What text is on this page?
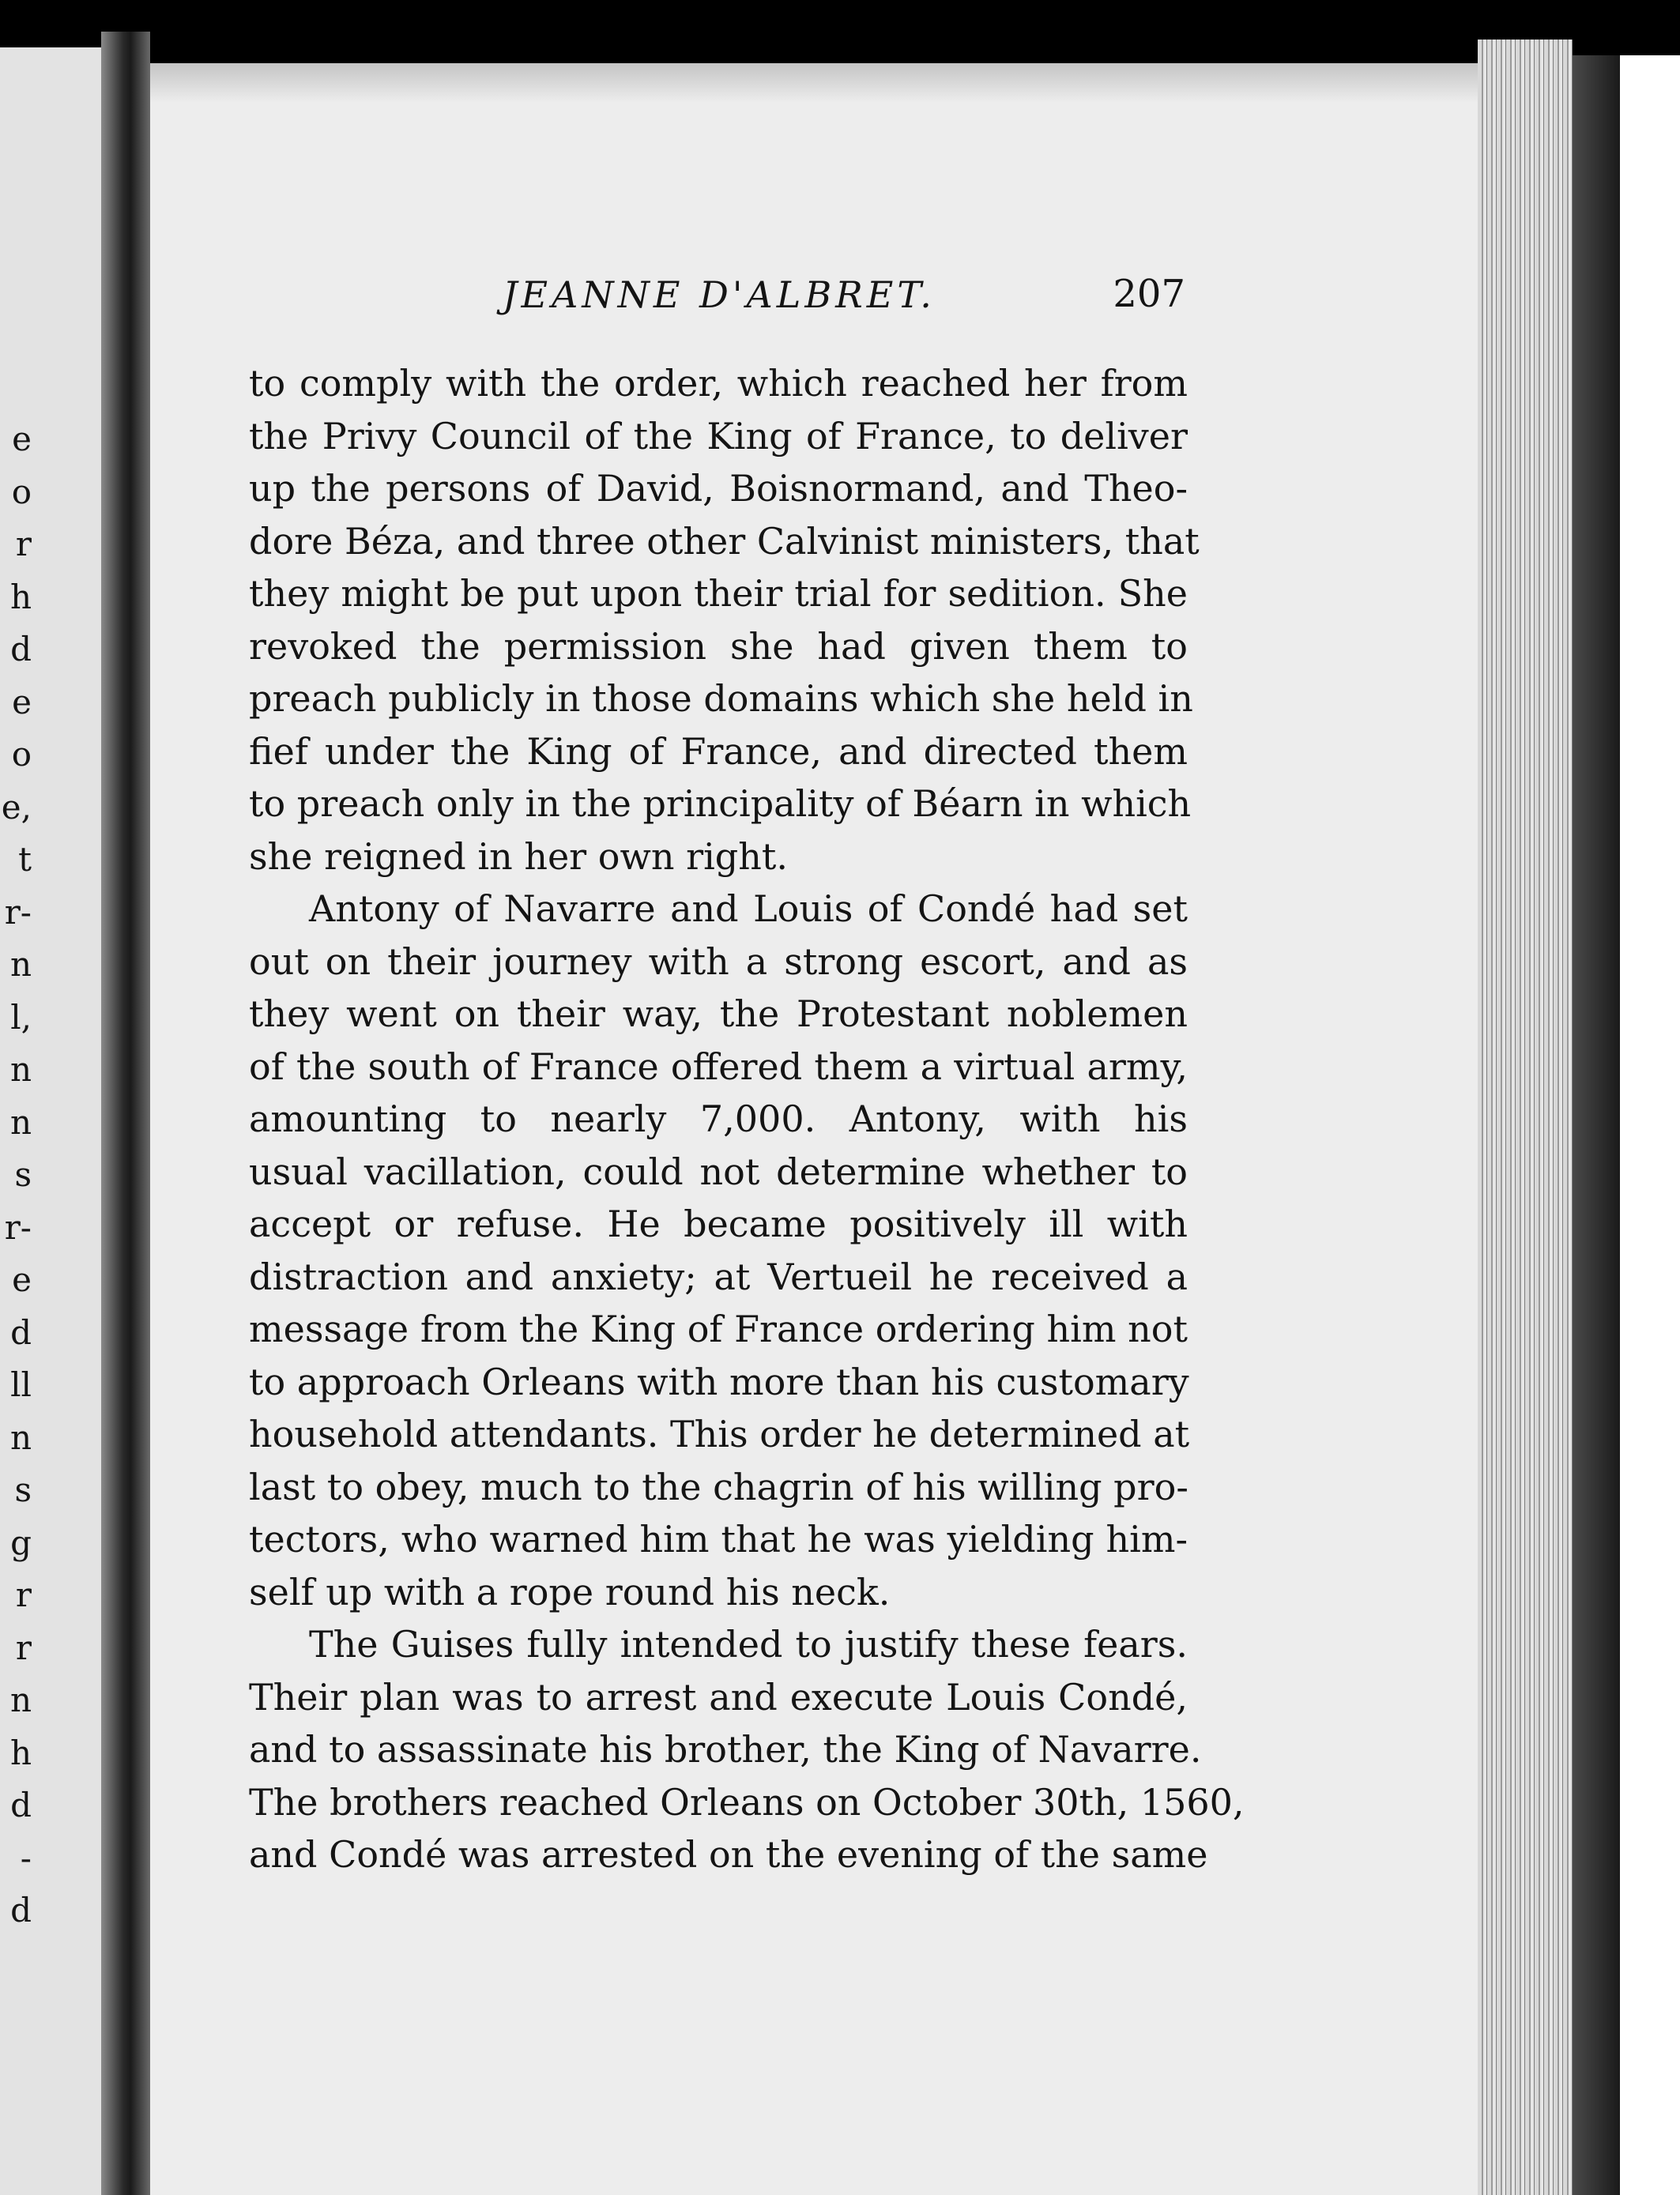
e
o
r
h
d
e
o
e,
t
r-
n
l,
n
n
s
r-
e
d
ll
n
s
g
r
r
n
h
d
-
d
JEANNE D'ALBRET.	207
to comply with the order, which reached her from
the Privy Council of the King of France, to deliver
up the persons of David, Boisnormand, and Theo-
dore Béza, and three other Calvinist ministers, that
they might be put upon their trial for sedition. She
revoked the permission she had given them to
preach publicly in those domains which she held in
fief under the King of France, and directed them
to preach only in the principality of Béarn in which
she reigned in her own right.
Antony of Navarre and Louis of Condé had set
out on their journey with a strong escort, and as
they went on their way, the Protestant noblemen
of the south of France offered them a virtual army,
amounting to nearly 7,000. Antony, with his
usual vacillation, could not determine whether to
accept or refuse. He became positively ill with
distraction and anxiety; at Vertueil he received a
message from the King of France ordering him not
to approach Orleans with more than his customary
household attendants. This order he determined at
last to obey, much to the chagrin of his willing pro-
tectors, who warned him that he was yielding him-
self up with a rope round his neck.
The Guises fully intended to justify these fears.
Their plan was to arrest and execute Louis Condé,
and to assassinate his brother, the King of Navarre.
The brothers reached Orleans on October 30th, 1560,
and Condé was arrested on the evening of the same
